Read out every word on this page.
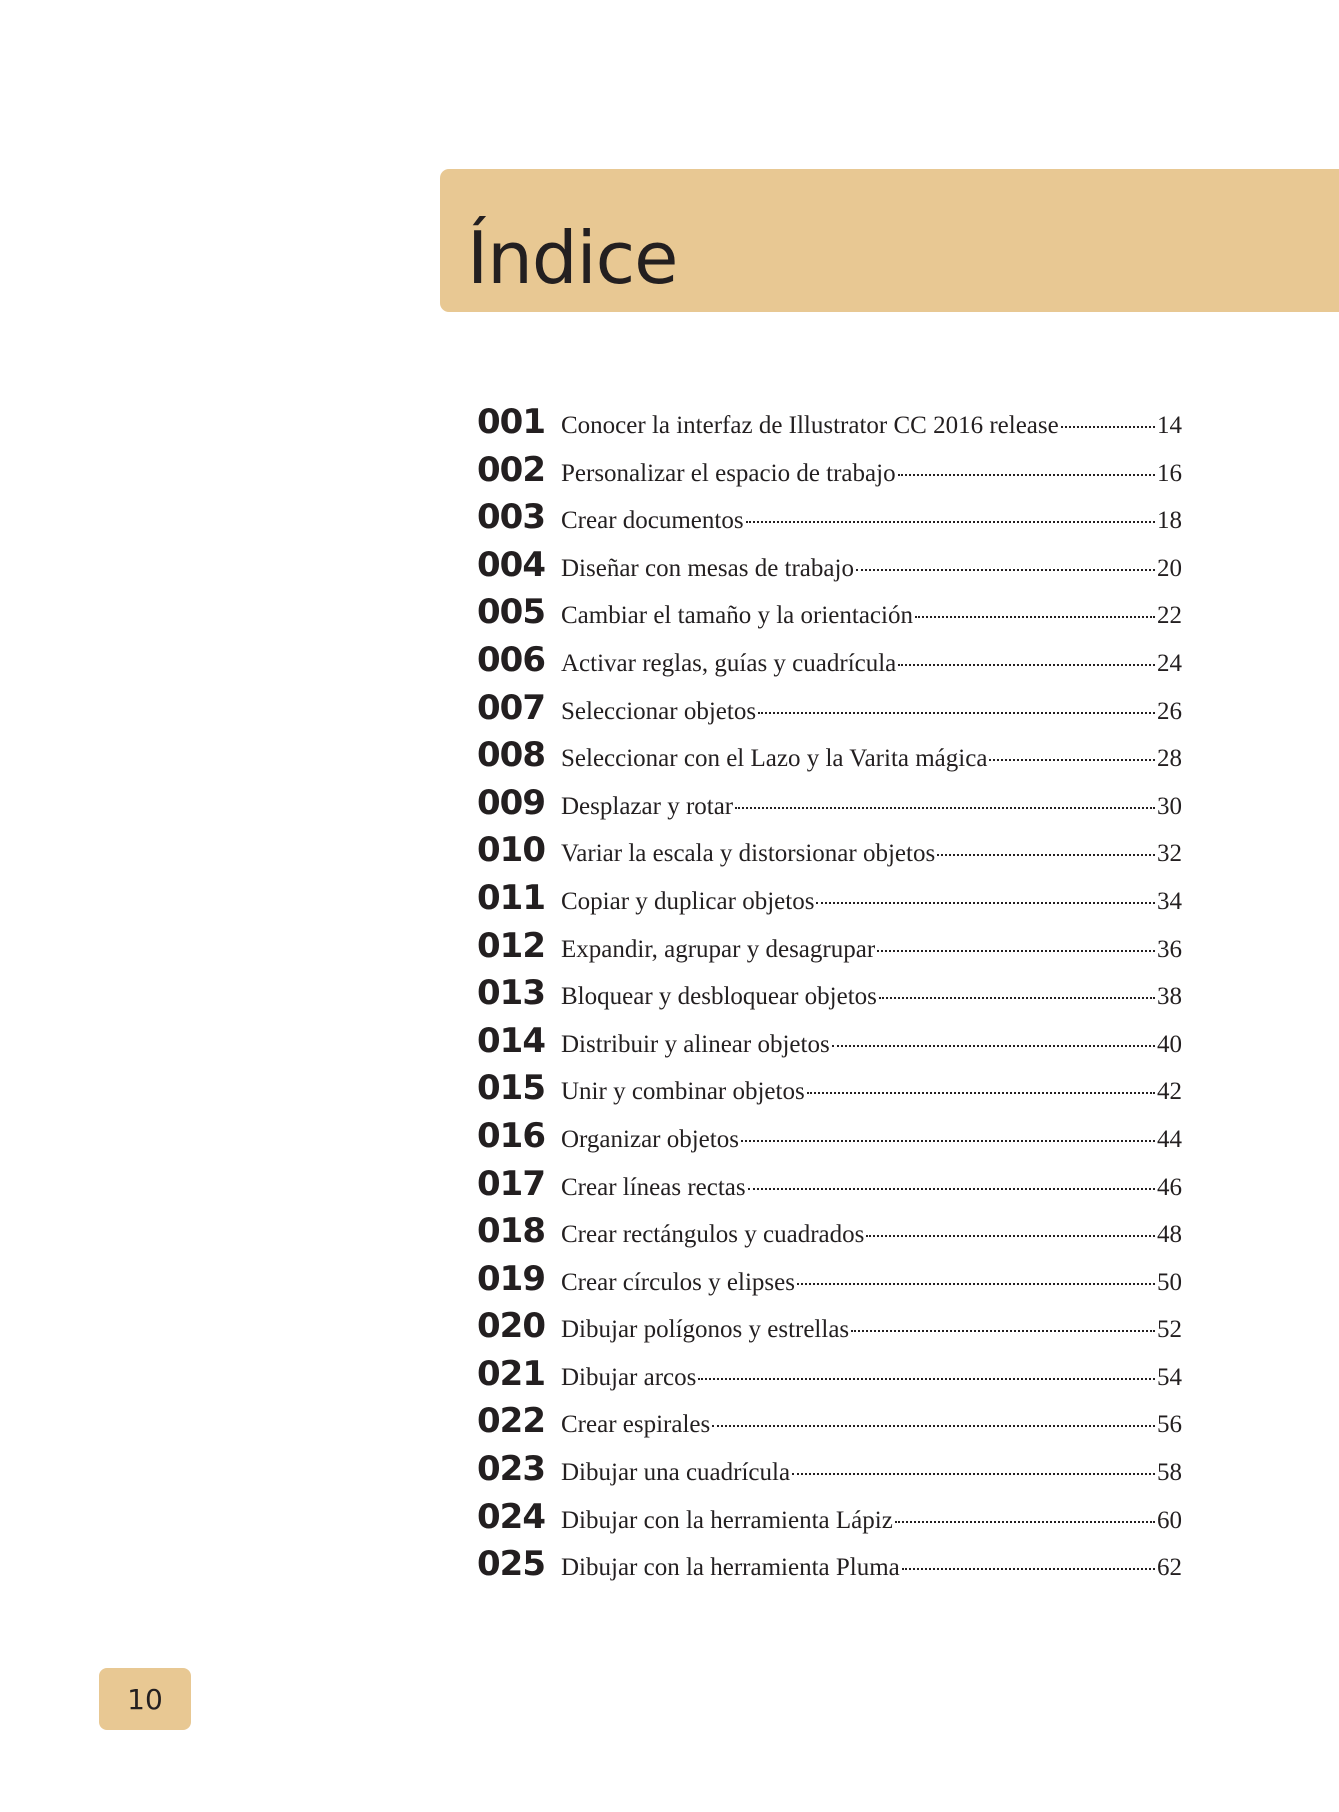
Índice
001 Conocer la interfaz de Illustrator CC 2016 release	14
002 Personalizar el espacio de trabajo	16
003 Crear documentos	18
004 Diseñar con mesas de trabajo	20
005 Cambiar el tamaño y la orientación	22
006 Activar reglas, guías y cuadrícula	24
007 Seleccionar objetos	26
008 Seleccionar con el Lazo y la Varita mágica	28
009 Desplazar y rotar	30
010 Variar la escala y distorsionar objetos	32
011 Copiar y duplicar objetos	34
012 Expandir, agrupar y desagrupar	36
013 Bloquear y desbloquear objetos	38
014 Distribuir y alinear objetos	40
015 Unir y combinar objetos	42
016 Organizar objetos	44
017 Crear líneas rectas	46
018 Crear rectángulos y cuadrados	48
019 Crear círculos y elipses	50
020 Dibujar polígonos y estrellas	52
021 Dibujar arcos	54
022 Crear espirales	56
023 Dibujar una cuadrícula	58
024 Dibujar con la herramienta Lápiz	60
025 Dibujar con la herramienta Pluma	62
10
